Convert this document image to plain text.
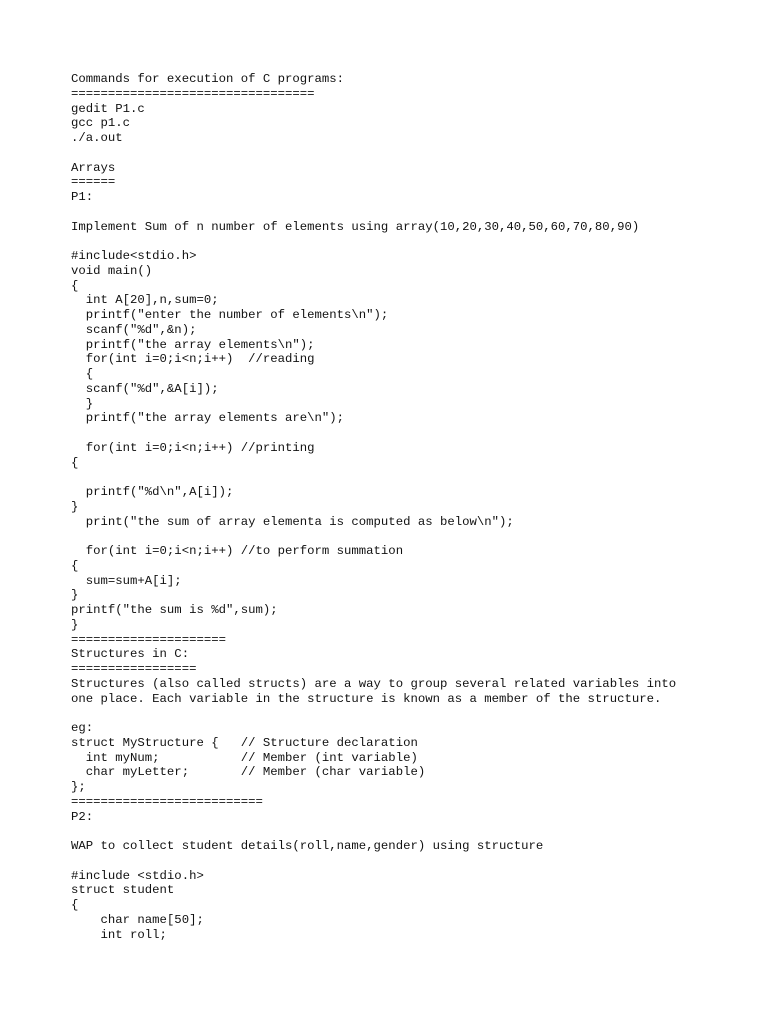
Commands for execution of C programs:
=================================
gedit P1.c
gcc p1.c
./a.out
Arrays
======
P1:
Implement Sum of n number of elements using array(10,20,30,40,50,60,70,80,90)
#include<stdio.h>
void main()
{
int A[20],n,sum=0;
printf("enter the number of elements\n");
scanf("%d",&n);
printf("the array elements\n");
for(int i=0;i<n;i++)  //reading
{
scanf("%d",&A[i]);
}
printf("the array elements are\n");
for(int i=0;i<n;i++) //printing
{
printf("%d\n",A[i]);
}
print("the sum of array elementa is computed as below\n");
for(int i=0;i<n;i++) //to perform summation
{
sum=sum+A[i];
}
printf("the sum is %d",sum);
}
=====================
Structures in C:
=================
Structures (also called structs) are a way to group several related variables into
one place. Each variable in the structure is known as a member of the structure.
eg:
struct MyStructure {   // Structure declaration
int myNum;           // Member (int variable)
char myLetter;       // Member (char variable)
};
==========================
P2:
WAP to collect student details(roll,name,gender) using structure
#include <stdio.h>
struct student
{
char name[50];
int roll;
